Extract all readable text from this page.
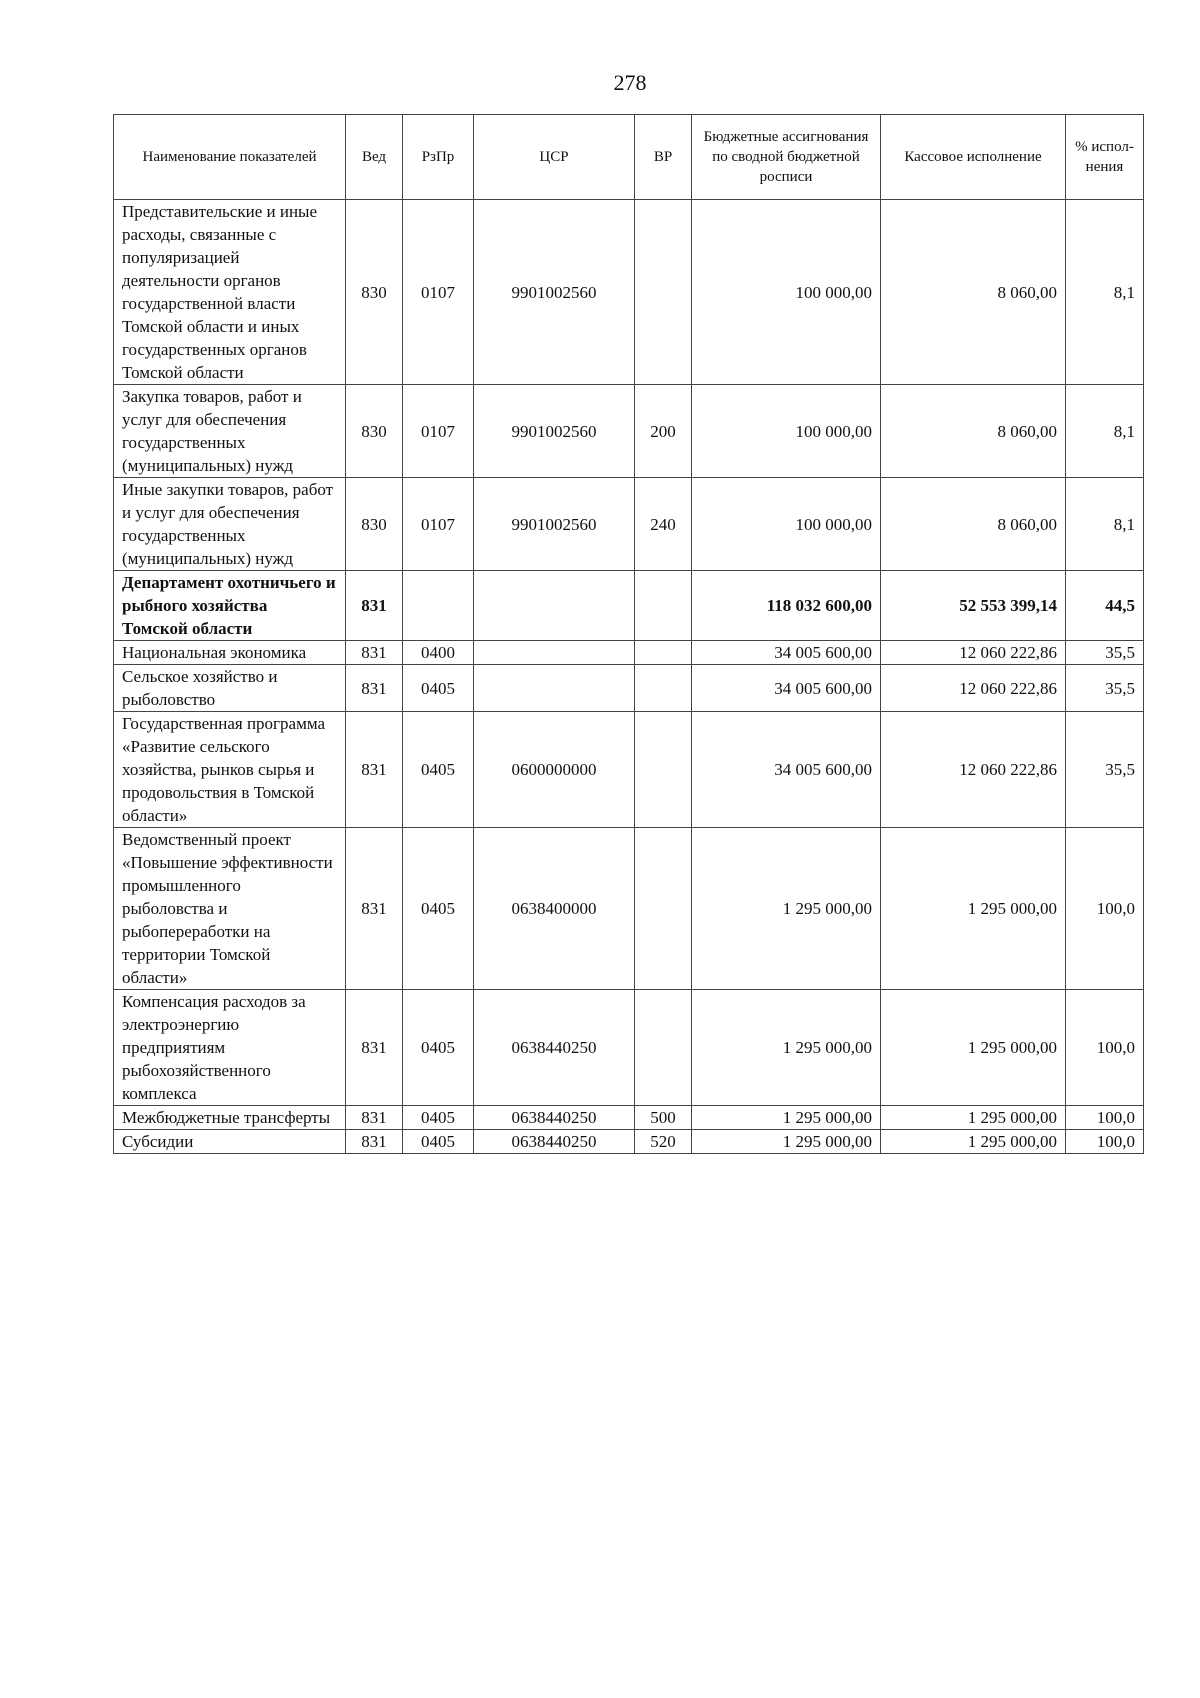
278
Наименование показателей	Вед	РзПр	ЦСР	ВР	Бюджетные ассигнования по сводной бюджетной росписи	Кассовое исполнение	% испол-нения
Представительские и иные расходы, связанные с популяризацией деятельности органов государственной власти Томской области и иных государственных органов Томской области	830	0107	9901002560		100 000,00	8 060,00	8,1
Закупка товаров, работ и услуг для обеспечения государственных (муниципальных) нужд	830	0107	9901002560	200	100 000,00	8 060,00	8,1
Иные закупки товаров, работ и услуг для обеспечения государственных (муниципальных) нужд	830	0107	9901002560	240	100 000,00	8 060,00	8,1
Департамент охотничьего и рыбного хозяйства Томской области	831				118 032 600,00	52 553 399,14	44,5
Национальная экономика	831	0400			34 005 600,00	12 060 222,86	35,5
Сельское хозяйство и рыболовство	831	0405			34 005 600,00	12 060 222,86	35,5
Государственная программа «Развитие сельского хозяйства, рынков сырья и продовольствия в Томской области»	831	0405	0600000000		34 005 600,00	12 060 222,86	35,5
Ведомственный проект «Повышение эффективности промышленного рыболовства и рыбопереработки на территории Томской области»	831	0405	0638400000		1 295 000,00	1 295 000,00	100,0
Компенсация расходов за электроэнергию предприятиям рыбохозяйственного комплекса	831	0405	0638440250		1 295 000,00	1 295 000,00	100,0
Межбюджетные трансферты	831	0405	0638440250	500	1 295 000,00	1 295 000,00	100,0
Субсидии	831	0405	0638440250	520	1 295 000,00	1 295 000,00	100,0
